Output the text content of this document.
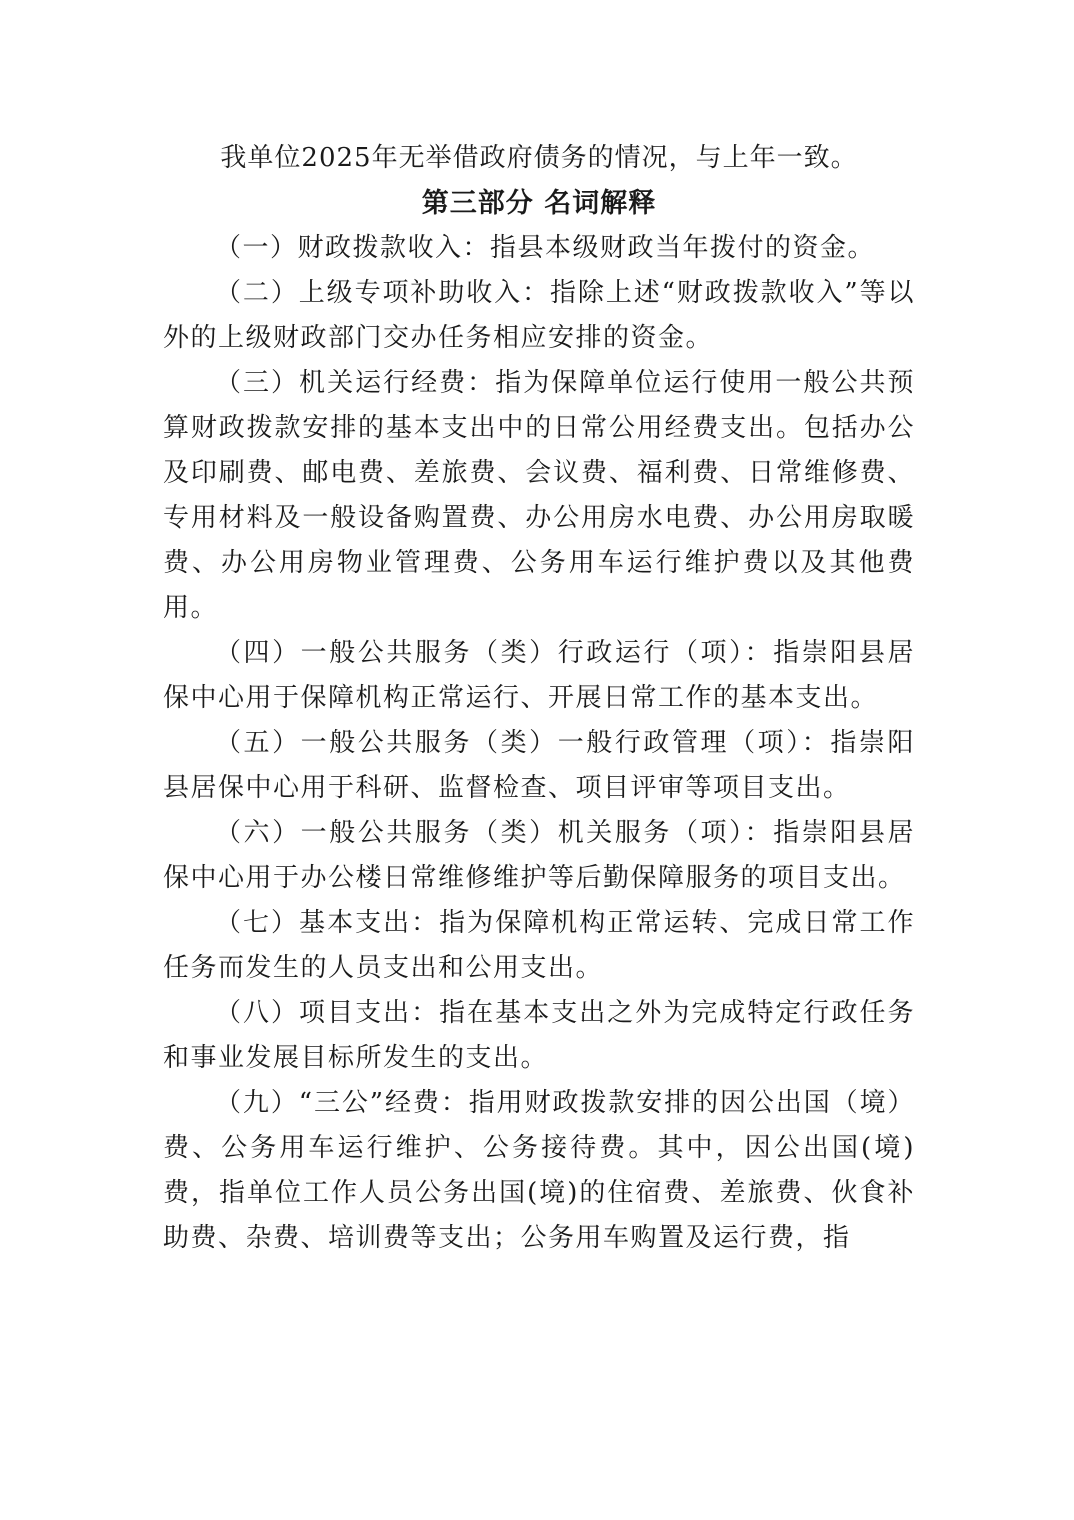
我单位2025年无举借政府债务的情况，与上年一致。

第三部分 名词解释

（一）财政拨款收入：指县本级财政当年拨付的资金。

（二）上级专项补助收入：指除上述“财政拨款收入”等以外的上级财政部门交办任务相应安排的资金。

（三）机关运行经费：指为保障单位运行使用一般公共预算财政拨款安排的基本支出中的日常公用经费支出。包括办公及印刷费、邮电费、差旅费、会议费、福利费、日常维修费、专用材料及一般设备购置费、办公用房水电费、办公用房取暖费、办公用房物业管理费、公务用车运行维护费以及其他费用。

（四）一般公共服务（类）行政运行（项）：指崇阳县居保中心用于保障机构正常运行、开展日常工作的基本支出。

（五）一般公共服务（类）一般行政管理（项）：指崇阳县居保中心用于科研、监督检查、项目评审等项目支出。

（六）一般公共服务（类）机关服务（项）：指崇阳县居保中心用于办公楼日常维修维护等后勤保障服务的项目支出。

（七）基本支出：指为保障机构正常运转、完成日常工作任务而发生的人员支出和公用支出。

（八）项目支出：指在基本支出之外为完成特定行政任务和事业发展目标所发生的支出。

（九）“三公”经费：指用财政拨款安排的因公出国（境）费、公务用车运行维护、公务接待费。其中，因公出国(境)费，指单位工作人员公务出国(境)的住宿费、差旅费、伙食补助费、杂费、培训费等支出；公务用车购置及运行费，指
